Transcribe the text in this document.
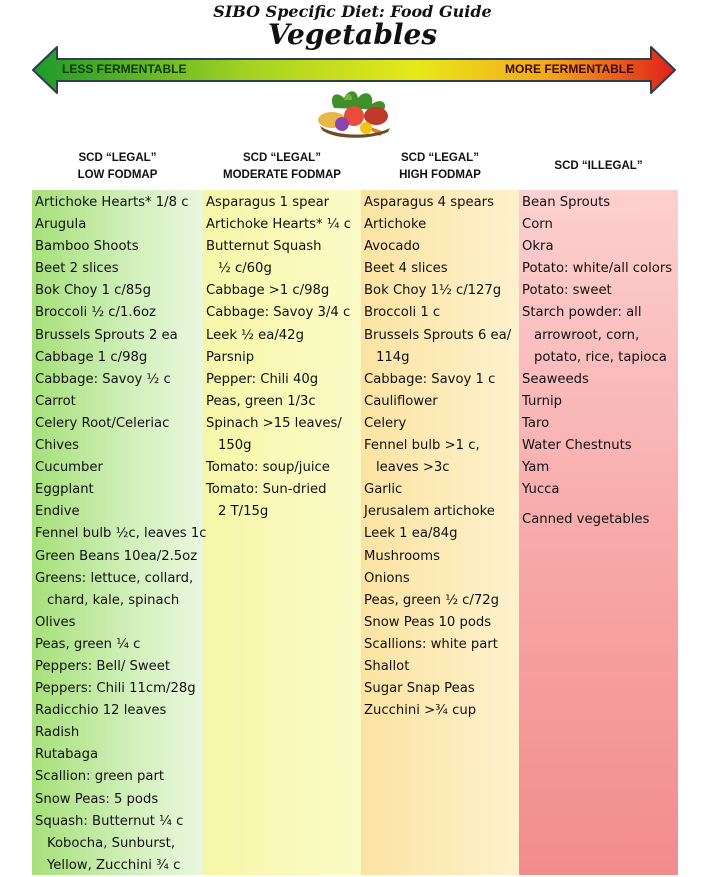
SIBO Specific Diet: Food Guide
Vegetables
LESS FERMENTABLE	MORE FERMENTABLE
SCD “LEGAL”
LOW FODMAP
SCD “LEGAL”
MODERATE FODMAP
SCD “LEGAL”
HIGH FODMAP
SCD “ILLEGAL”
Artichoke Hearts* 1/8 c
Arugula
Bamboo Shoots
Beet 2 slices
Bok Choy 1 c/85g
Broccoli ½ c/1.6oz
Brussels Sprouts 2 ea
Cabbage 1 c/98g
Cabbage: Savoy ½ c
Carrot
Celery Root/Celeriac
Chives
Cucumber
Eggplant
Endive
Fennel bulb ½c, leaves 1c
Green Beans 10ea/2.5oz
Greens: lettuce, collard,
chard, kale, spinach
Olives
Peas, green ¼ c
Peppers: Bell/ Sweet
Peppers: Chili 11cm/28g
Radicchio 12 leaves
Radish
Rutabaga
Scallion: green part
Snow Peas: 5 pods
Squash: Butternut ¼ c
Kobocha, Sunburst,
Yellow, Zucchini ¾ c
Asparagus 1 spear
Artichoke Hearts* ¼ c
Butternut Squash
½ c/60g
Cabbage >1 c/98g
Cabbage: Savoy 3/4 c
Leek ½ ea/42g
Parsnip
Pepper: Chili 40g
Peas, green 1/3c
Spinach >15 leaves/
150g
Tomato: soup/juice
Tomato: Sun-dried
2 T/15g
Asparagus 4 spears
Artichoke
Avocado
Beet 4 slices
Bok Choy 1½ c/127g
Broccoli 1 c
Brussels Sprouts 6 ea/
114g
Cabbage: Savoy 1 c
Cauliflower
Celery
Fennel bulb >1 c,
leaves >3c
Garlic
Jerusalem artichoke
Leek 1 ea/84g
Mushrooms
Onions
Peas, green ½ c/72g
Snow Peas 10 pods
Scallions: white part
Shallot
Sugar Snap Peas
Zucchini >¾ cup
Bean Sprouts
Corn
Okra
Potato: white/all colors
Potato: sweet
Starch powder: all
arrowroot, corn,
potato, rice, tapioca
Seaweeds
Turnip
Taro
Water Chestnuts
Yam
Yucca
Canned vegetables
